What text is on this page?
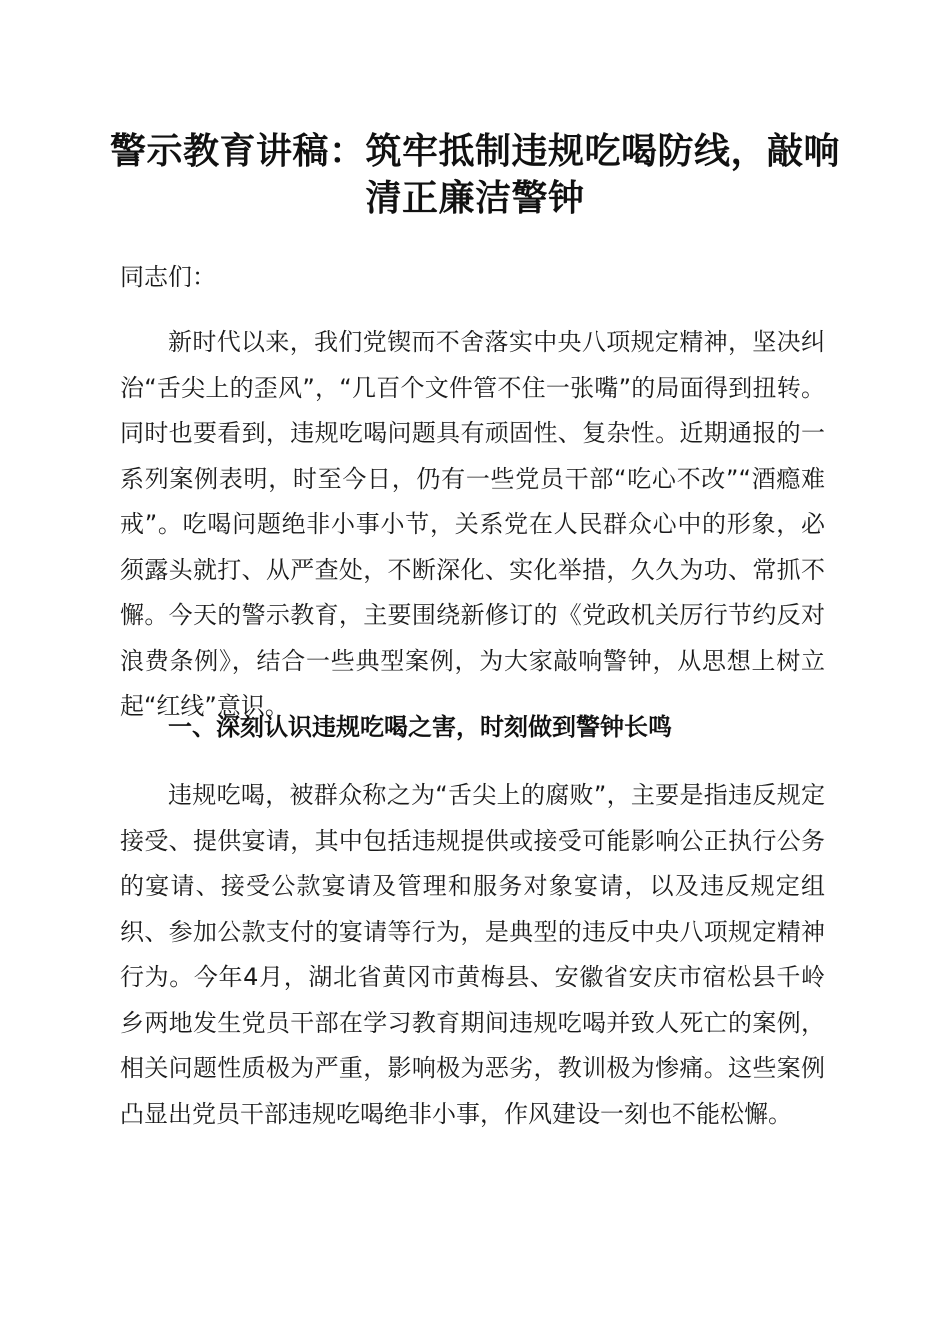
警示教育讲稿：筑牢抵制违规吃喝防线，敲响清正廉洁警钟

同志们：

新时代以来，我们党锲而不舍落实中央八项规定精神，坚决纠治“舌尖上的歪风”，“几百个文件管不住一张嘴”的局面得到扭转。同时也要看到，违规吃喝问题具有顽固性、复杂性。近期通报的一系列案例表明，时至今日，仍有一些党员干部“吃心不改”“酒瘾难戒”。吃喝问题绝非小事小节，关系党在人民群众心中的形象，必须露头就打、从严查处，不断深化、实化举措，久久为功、常抓不懈。今天的警示教育，主要围绕新修订的《党政机关厉行节约反对浪费条例》，结合一些典型案例，为大家敲响警钟，从思想上树立起“红线”意识。

一、深刻认识违规吃喝之害，时刻做到警钟长鸣

违规吃喝，被群众称之为“舌尖上的腐败”，主要是指违反规定接受、提供宴请，其中包括违规提供或接受可能影响公正执行公务的宴请、接受公款宴请及管理和服务对象宴请，以及违反规定组织、参加公款支付的宴请等行为，是典型的违反中央八项规定精神行为。今年4月，湖北省黄冈市黄梅县、安徽省安庆市宿松县千岭乡两地发生党员干部在学习教育期间违规吃喝并致人死亡的案例，相关问题性质极为严重，影响极为恶劣，教训极为惨痛。这些案例凸显出党员干部违规吃喝绝非小事，作风建设一刻也不能松懈。
